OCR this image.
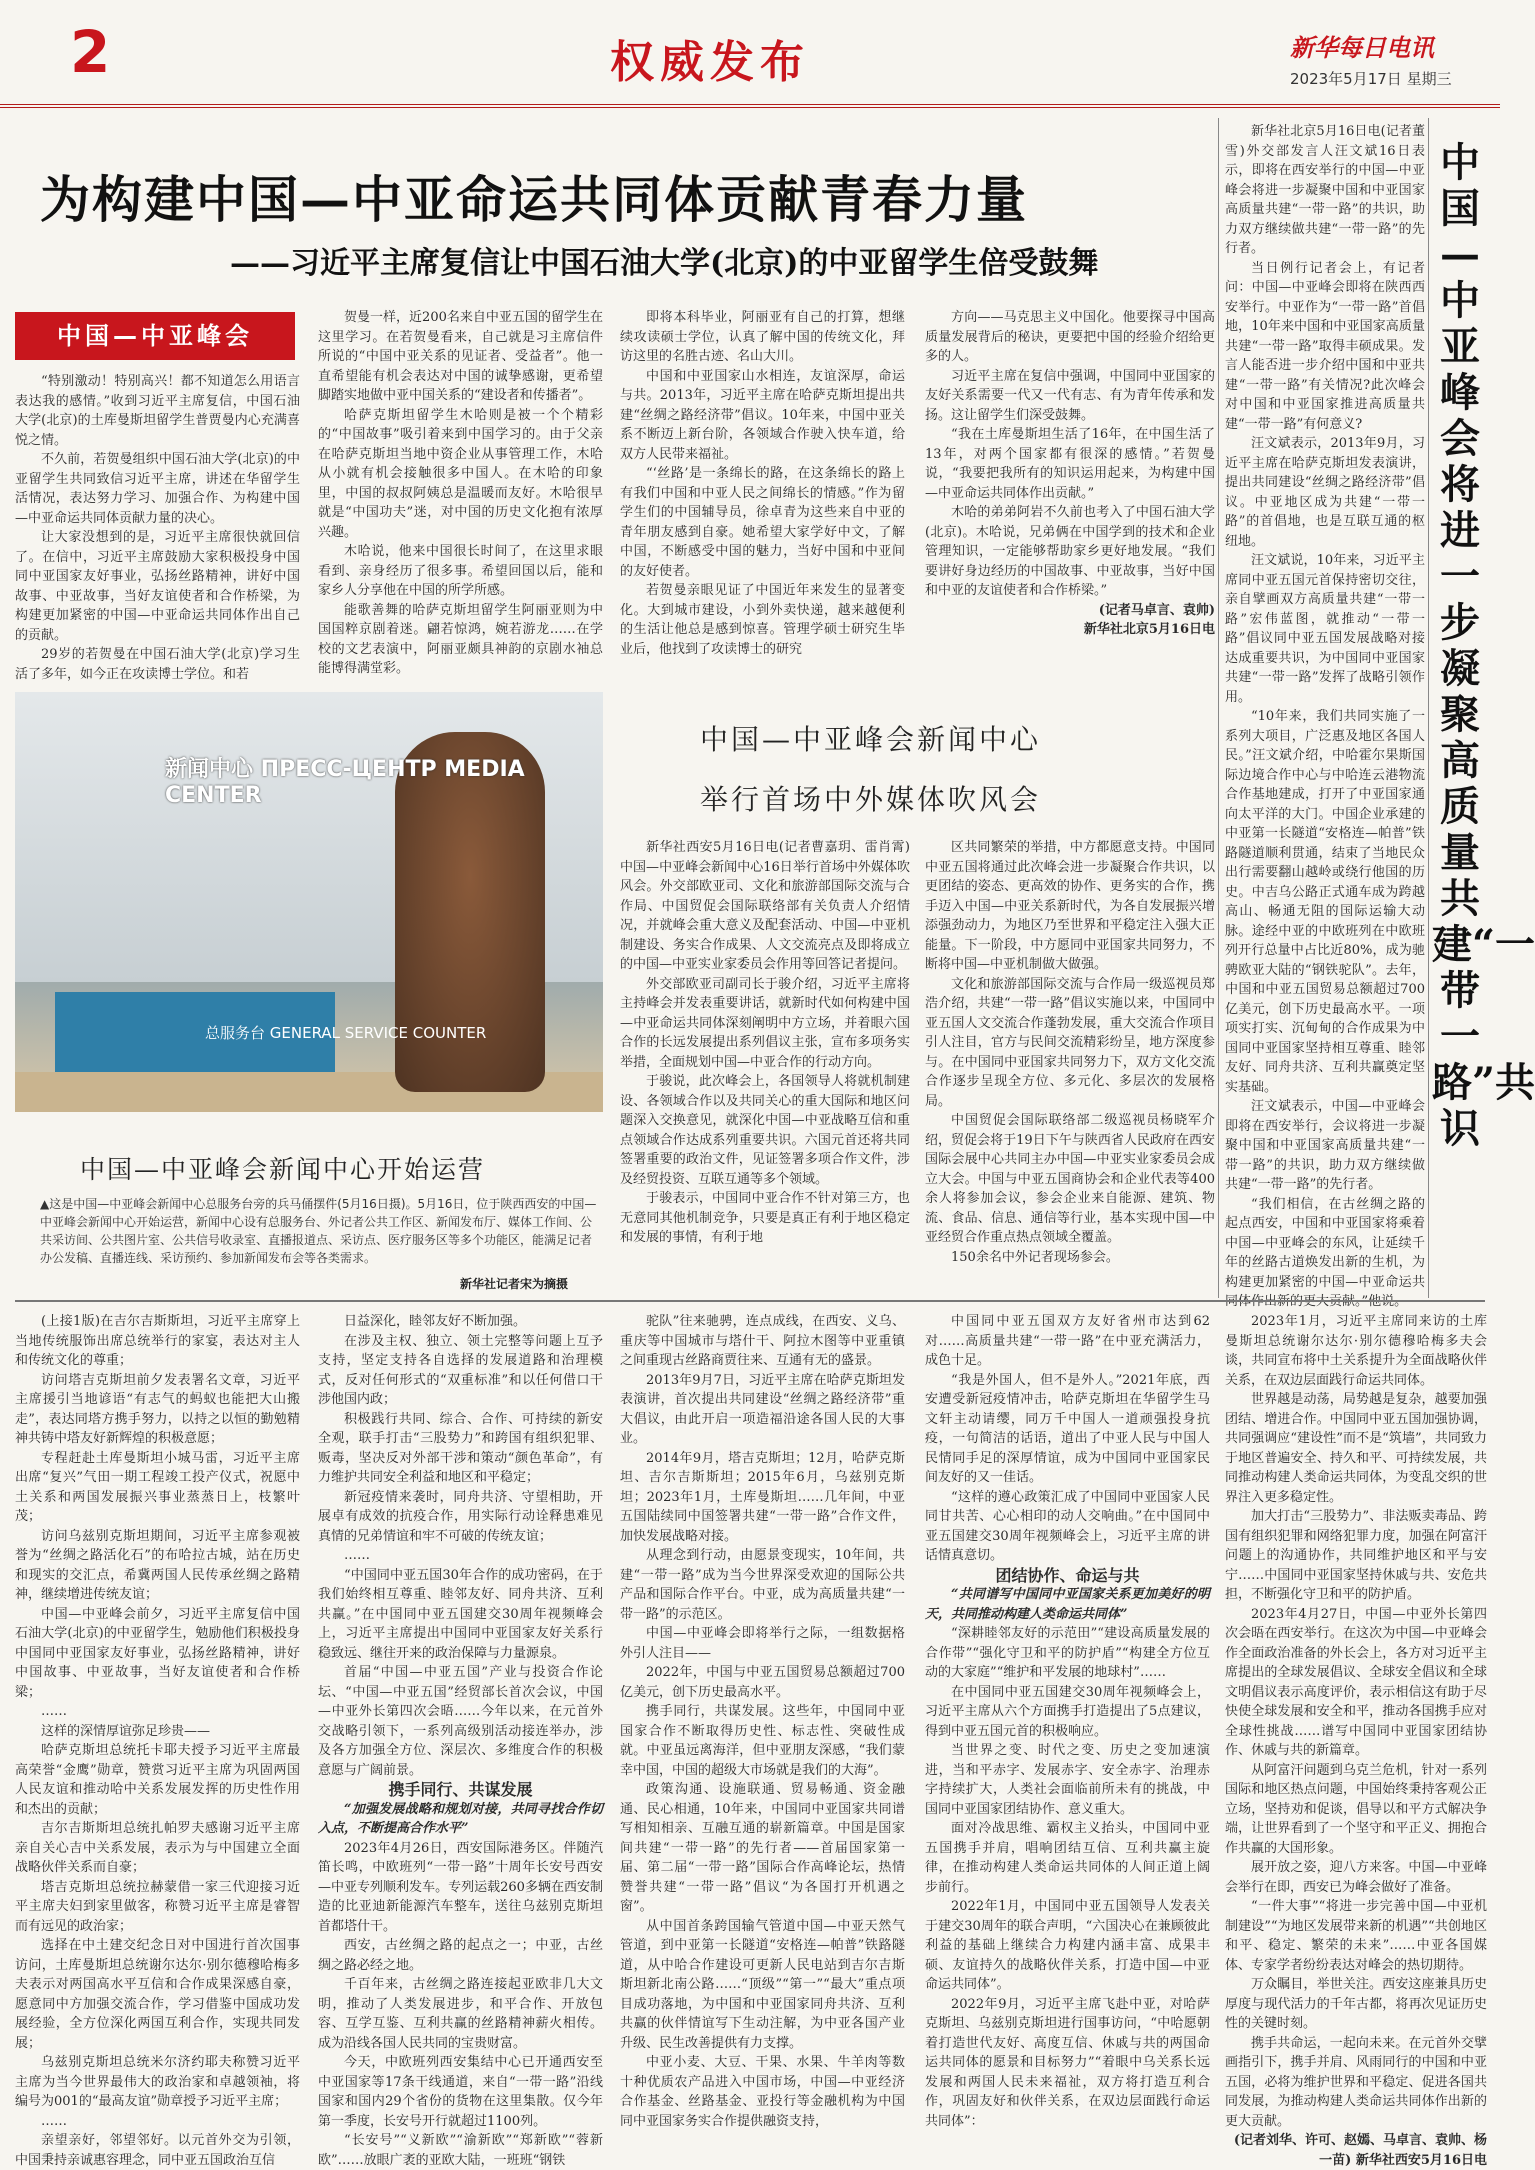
2	权威发布	新华每日电讯
2023年5月17日 星期三
为构建中国—中亚命运共同体贡献青春力量
——习近平主席复信让中国石油大学(北京)的中亚留学生倍受鼓舞
中国—中亚峰会

“特别激动！特别高兴！都不知道怎么用语言表达我的感情。”收到习近平主席复信，中国石油大学(北京)的土库曼斯坦留学生普贾曼内心充满喜悦之情。

不久前，若贺曼组织中国石油大学(北京)的中亚留学生共同致信习近平主席，讲述在华留学生活情况，表达努力学习、加强合作、为构建中国—中亚命运共同体贡献力量的决心。

让大家没想到的是，习近平主席很快就回信了。在信中，习近平主席鼓励大家积极投身中国同中亚国家友好事业，弘扬丝路精神，讲好中国故事、中亚故事，当好友谊使者和合作桥梁，为构建更加紧密的中国—中亚命运共同体作出自己的贡献。

29岁的若贺曼在中国石油大学(北京)学习生活了多年，如今正在攻读博士学位。和若

贺曼一样，近200名来自中亚五国的留学生在这里学习。在若贺曼看来，自己就是习主席信件所说的“中国中亚关系的见证者、受益者”。他一直希望能有机会表达对中国的诚挚感谢，更希望脚踏实地做中亚中国关系的“建设者和传播者”。

哈萨克斯坦留学生木哈则是被一个个精彩的“中国故事”吸引着来到中国学习的。由于父亲在哈萨克斯坦当地中资企业从事管理工作，木哈从小就有机会接触很多中国人。在木哈的印象里，中国的叔叔阿姨总是温暖而友好。木哈很早就是“中国功夫”迷，对中国的历史文化抱有浓厚兴趣。

木哈说，他来中国很长时间了，在这里求眼看到、亲身经历了很多事。希望回国以后，能和家乡人分享他在中国的所学所感。

能歌善舞的哈萨克斯坦留学生阿丽亚则为中国国粹京剧着迷。翩若惊鸿，婉若游龙……在学校的文艺表演中，阿丽亚颇具神韵的京剧水袖总能博得满堂彩。

即将本科毕业，阿丽亚有自己的打算，想继续攻读硕士学位，认真了解中国的传统文化，拜访这里的名胜古迹、名山大川。

中国和中亚国家山水相连，友谊深厚，命运与共。2013年，习近平主席在哈萨克斯坦提出共建“丝绸之路经济带”倡议。10年来，中国中亚关系不断迈上新台阶，各领域合作驶入快车道，给双方人民带来福祉。

“‘丝路’是一条绵长的路，在这条绵长的路上有我们中国和中亚人民之间绵长的情感。”作为留学生们的中国辅导员，徐卓青为这些来自中亚的青年朋友感到自豪。她希望大家学好中文，了解中国，不断感受中国的魅力，当好中国和中亚间的友好使者。

若贺曼亲眼见证了中国近年来发生的显著变化。大到城市建设，小到外卖快递，越来越便利的生活让他总是感到惊喜。管理学硕士研究生毕业后，他找到了攻读博士的研究

方向——马克思主义中国化。他要探寻中国高质量发展背后的秘诀，更要把中国的经验介绍给更多的人。

习近平主席在复信中强调，中国同中亚国家的友好关系需要一代又一代有志、有为青年传承和发扬。这让留学生们深受鼓舞。

“我在土库曼斯坦生活了16年，在中国生活了13年，对两个国家都有很深的感情。”若贺曼说，“我要把我所有的知识运用起来，为构建中国—中亚命运共同体作出贡献。”

木哈的弟弟阿岩不久前也考入了中国石油大学(北京)。木哈说，兄弟俩在中国学到的技术和企业管理知识，一定能够帮助家乡更好地发展。“我们要讲好身边经历的中国故事、中亚故事，当好中国和中亚的友谊使者和合作桥梁。”

(记者马卓言、袁帅)

新华社北京5月16日电

新闻中心 ПРЕСС-ЦЕНТР MEDIA CENTER
总服务台 GENERAL SERVICE COUNTER
中国—中亚峰会新闻中心开始运营
▲这是中国—中亚峰会新闻中心总服务台旁的兵马俑摆件(5月16日摄)。5月16日，位于陕西西安的中国—中亚峰会新闻中心开始运营，新闻中心设有总服务台、外记者公共工作区、新闻发布厅、媒体工作间、公共采访间、公共图片室、公共信号收录室、直播报道点、采访点、医疗服务区等多个功能区，能满足记者办公发稿、直播连线、采访预约、参加新闻发布会等各类需求。
新华社记者宋为摘摄
中国—中亚峰会新闻中心
举行首场中外媒体吹风会

新华社西安5月16日电(记者曹嘉玥、雷肖霄)中国—中亚峰会新闻中心16日举行首场中外媒体吹风会。外交部欧亚司、文化和旅游部国际交流与合作局、中国贸促会国际联络部有关负责人介绍情况，并就峰会重大意义及配套活动、中国—中亚机制建设、务实合作成果、人文交流亮点及即将成立的中国—中亚实业家委员会作用等回答记者提问。

外交部欧亚司副司长于骏介绍，习近平主席将主持峰会并发表重要讲话，就新时代如何构建中国—中亚命运共同体深刻阐明中方立场，并着眼六国合作的长远发展提出系列倡议主张，宣布多项务实举措，全面规划中国—中亚合作的行动方向。

于骏说，此次峰会上，各国领导人将就机制建设、各领域合作以及共同关心的重大国际和地区问题深入交换意见，就深化中国—中亚战略互信和重点领域合作达成系列重要共识。六国元首还将共同签署重要的政治文件，见证签署多项合作文件，涉及经贸投资、互联互通等多个领域。

于骏表示，中国同中亚合作不针对第三方，也无意同其他机制竞争，只要是真正有利于地区稳定和发展的事情，有利于地

区共同繁荣的举措，中方都愿意支持。中国同中亚五国将通过此次峰会进一步凝聚合作共识，以更团结的姿态、更高效的协作、更务实的合作，携手迈入中国—中亚关系新时代，为各自发展振兴增添强劲动力，为地区乃至世界和平稳定注入强大正能量。下一阶段，中方愿同中亚国家共同努力，不断将中国—中亚机制做大做强。

文化和旅游部国际交流与合作局一级巡视员郑浩介绍，共建“一带一路”倡议实施以来，中国同中亚五国人文交流合作蓬勃发展，重大交流合作项目引人注目，官方与民间交流精彩纷呈，地方深度参与。在中国同中亚国家共同努力下，双方文化交流合作逐步呈现全方位、多元化、多层次的发展格局。

中国贸促会国际联络部二级巡视员杨晓军介绍，贸促会将于19日下午与陕西省人民政府在西安国际会展中心共同主办中国—中亚实业家委员会成立大会。中国与中亚五国商协会和企业代表等400余人将参加会议，参会企业来自能源、建筑、物流、食品、信息、通信等行业，基本实现中国—中亚经贸合作重点热点领域全覆盖。

150余名中外记者现场参会。

新华社北京5月16日电(记者董雪)外交部发言人汪文斌16日表示，即将在西安举行的中国—中亚峰会将进一步凝聚中国和中亚国家高质量共建“一带一路”的共识，助力双方继续做共建“一带一路”的先行者。

当日例行记者会上，有记者问：中国—中亚峰会即将在陕西西安举行。中亚作为“一带一路”首倡地，10年来中国和中亚国家高质量共建“一带一路”取得丰硕成果。发言人能否进一步介绍中国和中亚共建“一带一路”有关情况?此次峰会对中国和中亚国家推进高质量共建“一带一路”有何意义?

汪文斌表示，2013年9月，习近平主席在哈萨克斯坦发表演讲，提出共同建设“丝绸之路经济带”倡议。中亚地区成为共建“一带一路”的首倡地，也是互联互通的枢纽地。

汪文斌说，10年来，习近平主席同中亚五国元首保持密切交往，亲自擘画双方高质量共建“一带一路”宏伟蓝图，就推动“一带一路”倡议同中亚五国发展战略对接达成重要共识，为中国同中亚国家共建“一带一路”发挥了战略引领作用。

“10年来，我们共同实施了一系列大项目，广泛惠及地区各国人民。”汪文斌介绍，中哈霍尔果斯国际边境合作中心与中哈连云港物流合作基地建成，打开了中亚国家通向太平洋的大门。中国企业承建的中亚第一长隧道“安格连—帕普”铁路隧道顺利贯通，结束了当地民众出行需要翻山越岭或绕行他国的历史。中吉乌公路正式通车成为跨越高山、畅通无阻的国际运输大动脉。途经中亚的中欧班列在中欧班列开行总量中占比近80%，成为驰骋欧亚大陆的“钢铁驼队”。去年，中国和中亚五国贸易总额超过700亿美元，创下历史最高水平。一项项实打实、沉甸甸的合作成果为中国同中亚国家坚持相互尊重、睦邻友好、同舟共济、互利共赢奠定坚实基础。

汪文斌表示，中国—中亚峰会即将在西安举行，会议将进一步凝聚中国和中亚国家高质量共建“一带一路”的共识，助力双方继续做共建“一带一路”的先行者。

“我们相信，在古丝绸之路的起点西安，中国和中亚国家将乘着中国—中亚峰会的东风，让延续千年的丝路古道焕发出新的生机，为构建更加紧密的中国—中亚命运共

中国—中亚峰会将进一步凝聚高质量共建“一带一路”共识

(上接1版)在吉尔吉斯斯坦，习近平主席穿上当地传统服饰出席总统举行的家宴，表达对主人和传统文化的尊重；

访问塔吉克斯坦前夕发表署名文章，习近平主席援引当地谚语“有志气的蚂蚁也能把大山搬走”，表达同塔方携手努力，以持之以恒的勤勉精神共铸中塔友好新辉煌的积极意愿；

专程赶赴土库曼斯坦小城马雷，习近平主席出席“复兴”气田一期工程竣工投产仪式，祝愿中土关系和两国发展振兴事业蒸蒸日上，枝繁叶茂；

访问乌兹别克斯坦期间，习近平主席参观被誉为“丝绸之路活化石”的布哈拉古城，站在历史和现实的交汇点，希冀两国人民传承丝绸之路精神，继续增进传统友谊；

中国—中亚峰会前夕，习近平主席复信中国石油大学(北京)的中亚留学生，勉励他们积极投身中国同中亚国家友好事业，弘扬丝路精神，讲好中国故事、中亚故事，当好友谊使者和合作桥梁；

……

这样的深情厚谊弥足珍贵——

哈萨克斯坦总统托卡耶夫授予习近平主席最高荣誉“金鹰”勋章，赞赏习近平主席为巩固两国人民友谊和推动哈中关系发展发挥的历史性作用和杰出的贡献；

吉尔吉斯斯坦总统扎帕罗夫感谢习近平主席亲自关心吉中关系发展，表示为与中国建立全面战略伙伴关系而自豪；

塔吉克斯坦总统拉赫蒙借一家三代迎接习近平主席夫妇到家里做客，称赞习近平主席是睿智而有远见的政治家；

选择在中土建交纪念日对中国进行首次国事访问，土库曼斯坦总统谢尔达尔·别尔德穆哈梅多夫表示对两国高水平互信和合作成果深感自豪，愿意同中方加强交流合作，学习借鉴中国成功发展经验，全方位深化两国互利合作，实现共同发展；

乌兹别克斯坦总统米尔济约耶夫称赞习近平主席为当今世界最伟大的政治家和卓越领袖，将编号为001的“最高友谊”勋章授予习近平主席；

……

亲望亲好，邻望邻好。以元首外交为引领，中国秉持亲诚惠容理念，同中亚五国政治互信

日益深化，睦邻友好不断加强。

在涉及主权、独立、领土完整等问题上互予支持，坚定支持各自选择的发展道路和治理模式，反对任何形式的“双重标准”和以任何借口干涉他国内政；

积极践行共同、综合、合作、可持续的新安全观，联手打击“三股势力”和跨国有组织犯罪、贩毒，坚决反对外部干涉和策动“颜色革命”，有力维护共同安全利益和地区和平稳定；

新冠疫情来袭时，同舟共济、守望相助，开展卓有成效的抗疫合作，用实际行动诠释患难见真情的兄弟情谊和牢不可破的传统友谊；

……

“中国同中亚五国30年合作的成功密码，在于我们始终相互尊重、睦邻友好、同舟共济、互利共赢。”在中国同中亚五国建交30周年视频峰会上，习近平主席提出中国同中亚国家友好关系行稳致远、继往开来的政治保障与力量源泉。

首届“中国—中亚五国”产业与投资合作论坛、“中国—中亚五国”经贸部长首次会议，中国—中亚外长第四次会晤……今年以来，在元首外交战略引领下，一系列高级别活动接连举办，涉及各方加强全方位、深层次、多维度合作的积极意愿与广阔前景。

携手同行、共谋发展

“加强发展战略和规划对接，共同寻找合作切入点，不断提高合作水平”

2023年4月26日，西安国际港务区。伴随汽笛长鸣，中欧班列“一带一路”十周年长安号西安—中亚专列顺利发车。专列运载260多辆在西安制造的比亚迪新能源汽车整车，送往乌兹别克斯坦首都塔什干。

西安，古丝绸之路的起点之一；中亚，古丝绸之路必经之地。

千百年来，古丝绸之路连接起亚欧非几大文明，推动了人类发展进步，和平合作、开放包容、互学互鉴、互利共赢的丝路精神薪火相传。成为沿线各国人民共同的宝贵财富。

今天，中欧班列西安集结中心已开通西安至中亚国家等17条干线通道，来自“一带一路”沿线国家和国内29个省份的货物在这里集散。仅今年第一季度，长安号开行就超过1100列。

“长安号”“义新欧”“渝新欧”“郑新欧”“蓉新欧”……放眼广袤的亚欧大陆，一班班“钢铁

驼队”往来驰骋，连点成线，在西安、义乌、重庆等中国城市与塔什干、阿拉木图等中亚重镇之间重现古丝路商贾往来、互通有无的盛景。

2013年9月7日，习近平主席在哈萨克斯坦发表演讲，首次提出共同建设“丝绸之路经济带”重大倡议，由此开启一项造福沿途各国人民的大事业。

2014年9月，塔吉克斯坦；12月，哈萨克斯坦、吉尔吉斯斯坦；2015年6月，乌兹别克斯坦；2023年1月，土库曼斯坦……几年间，中亚五国陆续同中国签署共建“一带一路”合作文件，加快发展战略对接。

从理念到行动，由愿景变现实，10年间，共建“一带一路”成为当今世界深受欢迎的国际公共产品和国际合作平台。中亚，成为高质量共建“一带一路”的示范区。

中国—中亚峰会即将举行之际，一组数据格外引人注目——

2022年，中国与中亚五国贸易总额超过700亿美元，创下历史最高水平。

携手同行，共谋发展。这些年，中国同中亚国家合作不断取得历史性、标志性、突破性成就。中亚虽远离海洋，但中亚朋友深感，“我们蒙幸中国，中国的超级大市场就是我们的大海”。

政策沟通、设施联通、贸易畅通、资金融通、民心相通，10年来，中国同中亚国家共同谱写相知相亲、互融互通的崭新篇章。中国是国家间共建“一带一路”的先行者——首届国家第一届、第二届“一带一路”国际合作高峰论坛，热情赞誉共建“一带一路”倡议“为各国打开机遇之窗”。

从中国首条跨国输气管道中国—中亚天然气管道，到中亚第一长隧道“安格连—帕普”铁路隧道，从中哈合作建设可更新人民电站到吉尔吉斯斯坦新北南公路……“顶级”“第一”“最大”重点项目成功落地，为中国和中亚国家同舟共济、互利共赢的伙伴情谊写下生动注解，为中亚各国产业升级、民生改善提供有力支撑。

中亚小麦、大豆、干果、水果、牛羊肉等数十种优质农产品进入中国市场，中国—中亚经济合作基金、丝路基金、亚投行等金融机构为中国同中亚国家务实合作提供融资支持，

中国同中亚五国双方友好省州市达到62对……高质量共建“一带一路”在中亚充满活力，成色十足。

“我是外国人，但不是外人。”2021年底，西安遭受新冠疫情冲击，哈萨克斯坦在华留学生马文轩主动请缨，同万千中国人一道顽强投身抗疫，一句简洁的话语，道出了中亚人民与中国人民情同手足的深厚情谊，成为中国同中亚国家民间友好的又一佳话。

“这样的遵心政策汇成了中国同中亚国家人民同甘共苦、心心相印的动人交响曲。”在中国同中亚五国建交30周年视频峰会上，习近平主席的讲话情真意切。

团结协作、命运与共

“共同谱写中国同中亚国家关系更加美好的明天，共同推动构建人类命运共同体”

“深耕睦邻友好的示范田”“建设高质量发展的合作带”“强化守卫和平的防护盾”“构建全方位互动的大家庭”“维护和平发展的地球村”……

在中国同中亚五国建交30周年视频峰会上，习近平主席从六个方面携手打造提出了5点建议，得到中亚五国元首的积极响应。

当世界之变、时代之变、历史之变加速演进，当和平赤字、发展赤字、安全赤字、治理赤字持续扩大，人类社会面临前所未有的挑战，中国同中亚国家团结协作、意义重大。

面对冷战思维、霸权主义抬头，中国同中亚五国携手并肩，唱响团结互信、互利共赢主旋律，在推动构建人类命运共同体的人间正道上阔步前行。

2022年1月，中国同中亚五国领导人发表关于建交30周年的联合声明，“六国决心在兼顾彼此利益的基础上继续合力构建内涵丰富、成果丰硕、友谊持久的战略伙伴关系，打造中国—中亚命运共同体”。

2022年9月，习近平主席飞赴中亚，对哈萨克斯坦、乌兹别克斯坦进行国事访问，“中哈愿朝着打造世代友好、高度互信、休戚与共的两国命运共同体的愿景和目标努力”“着眼中乌关系长远发展和两国人民未来福祉，双方将打造互利合作，巩固友好和伙伴关系，在双边层面践行命运共同体”：

2023年1月，习近平主席同来访的土库曼斯坦总统谢尔达尔·别尔德穆哈梅多夫会谈，共同宣布将中土关系提升为全面战略伙伴关系，在双边层面践行命运共同体。

世界越是动荡，局势越是复杂，越要加强团结、增进合作。中国同中亚五国加强协调，共同强调应“建设性”而不是“筑墙”，共同致力于地区普遍安全、持久和平、可持续发展，共同推动构建人类命运共同体，为变乱交织的世界注入更多稳定性。

加大打击“三股势力”、非法贩卖毒品、跨国有组织犯罪和网络犯罪力度，加强在阿富汗问题上的沟通协作，共同维护地区和平与安宁……中国同中亚国家坚持休戚与共、安危共担，不断强化守卫和平的防护盾。

2023年4月27日，中国—中亚外长第四次会晤在西安举行。在这次为中国—中亚峰会作全面政治准备的外长会上，各方对习近平主席提出的全球发展倡议、全球安全倡议和全球文明倡议表示高度评价，表示相信这有助于尽快使全球发展和安全和平，推动各国携手应对全球性挑战……谱写中国同中亚国家团结协作、休戚与共的新篇章。

从阿富汗问题到乌克兰危机，针对一系列国际和地区热点问题，中国始终秉持客观公正立场，坚持劝和促谈，倡导以和平方式解决争端，让世界看到了一个坚守和平正义、拥抱合作共赢的大国形象。

展开放之姿，迎八方来客。中国—中亚峰会举行在即，西安已为峰会做好了准备。

“一件大事”“将进一步完善中国—中亚机制建设”“为地区发展带来新的机遇”“共创地区和平、稳定、繁荣的未来”……中亚各国媒体、专家学者纷纷表达对峰会的热切期待。

万众瞩目，举世关注。西安这座兼具历史厚度与现代活力的千年古都，将再次见证历史性的关键时刻。

携手共命运，一起向未来。在元首外交擘画指引下，携手并肩、风雨同行的中国和中亚五国，必将为维护世界和平稳定、促进各国共同发展，为推动构建人类命运共同体作出新的更大贡献。

(记者刘华、许可、赵嫣、马卓言、袁帅、杨一苗) 新华社西安5月16日电
